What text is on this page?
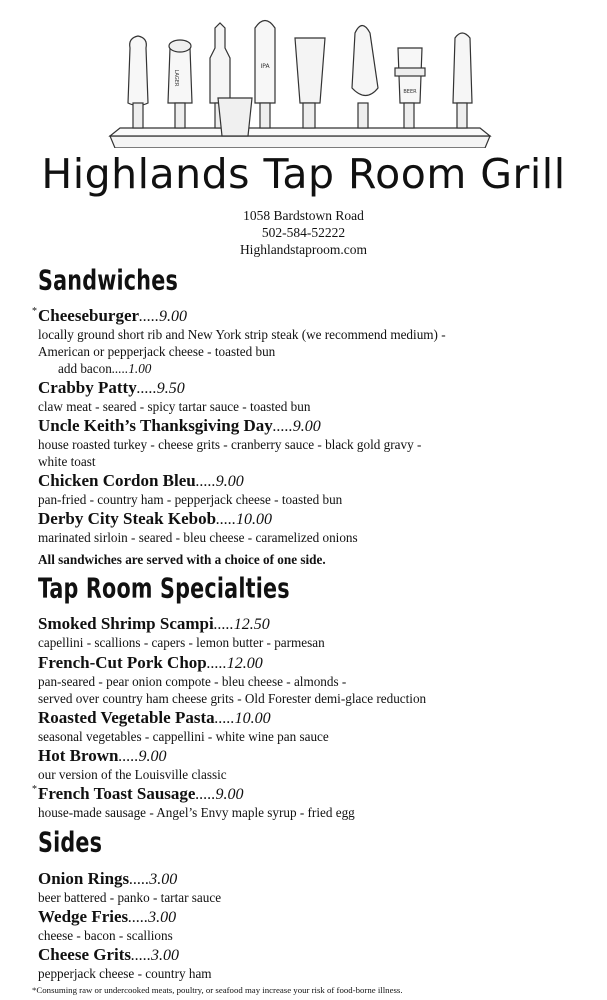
LAGER
IPA
BEER
Highlands Tap Room Grill
1058 Bardstown Road
502-584-52222
Highlandstaproom.com
Sandwiches
* Cheeseburger.....9.00
locally ground short rib and New York strip steak (we recommend medium) -
American or pepperjack cheese - toasted bun
add bacon.....1.00
Crabby Patty.....9.50
claw meat - seared - spicy tartar sauce - toasted bun
Uncle Keith’s Thanksgiving Day.....9.00
house roasted turkey - cheese grits - cranberry sauce - black gold gravy -
white toast
Chicken Cordon Bleu.....9.00
pan-fried - country ham - pepperjack cheese - toasted bun
Derby City Steak Kebob.....10.00
marinated sirloin - seared - bleu cheese - caramelized onions
All sandwiches are served with a choice of one side.
Tap Room Specialties
Smoked Shrimp Scampi.....12.50
capellini - scallions - capers - lemon butter - parmesan
French-Cut Pork Chop.....12.00
pan-seared - pear onion compote - bleu cheese - almonds -
served over country ham cheese grits - Old Forester demi-glace reduction
Roasted Vegetable Pasta.....10.00
seasonal vegetables - cappellini - white wine pan sauce
Hot Brown.....9.00
our version of the Louisville classic
* French Toast Sausage.....9.00
house-made sausage - Angel’s Envy maple syrup - fried egg
Sides
Onion Rings.....3.00
beer battered - panko - tartar sauce
Wedge Fries.....3.00
cheese - bacon - scallions
Cheese Grits.....3.00
pepperjack cheese - country ham
*Consuming raw or undercooked meats, poultry, or seafood may increase your risk of food-borne illness.
